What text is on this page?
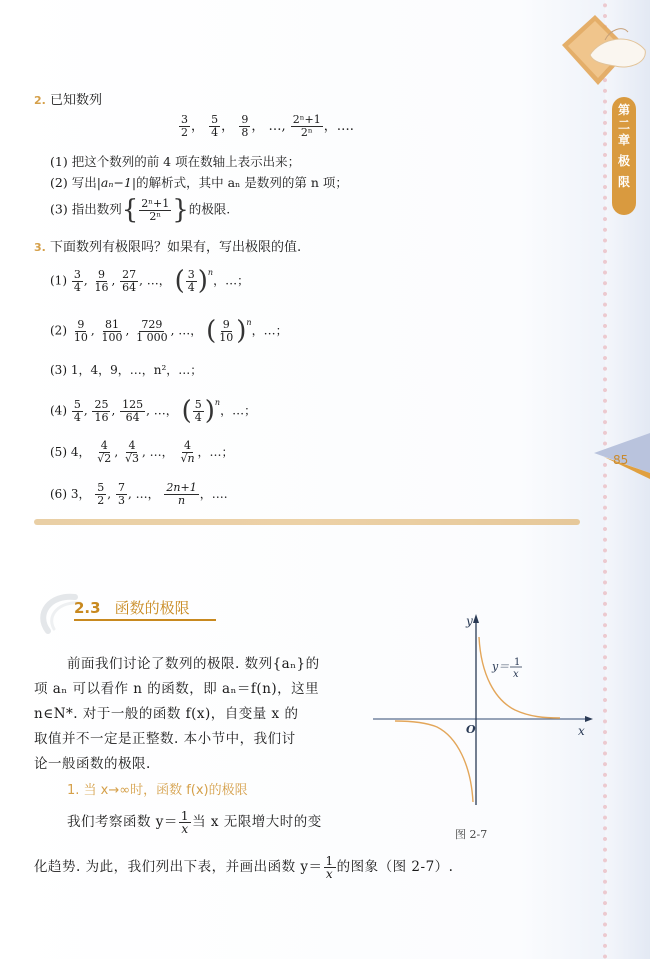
第
二
章
极
限
85
2. 已知数列
$\frac{3}{2}$ ， $\frac{5}{4}$ ， $\frac{9}{8}$ ， …, $\frac{\text{2ⁿ+1}}{\text{2ⁿ}}$ ，….
(1) 把这个数列的前 4 项在数轴上表示出来；
(2) 写出|aₙ−1|的解析式，其中 aₙ 是数列的第 n 项；
(3) 指出数列{ $\frac{\text{2ⁿ+1}}{\text{2ⁿ}}$ }的极限.
3. 下面数列有极限吗？如果有，写出极限的值.
$(1) \frac{3}{4}$ , $\frac{9}{16}$ , $\frac{27}{64}$ , …， ( $\frac{3}{4} )^n$，…；
$(2) \frac{9}{10}$ , $\frac{81}{100}$ , $\frac{729}{1 000}$ , …， ( $\frac{9}{10} )^n$，…；
(3) 1，4，9，…，n²，…；
$(4) \frac{5}{4}$ , $\frac{25}{16}$ , $\frac{125}{64}$ , …， ( $\frac{5}{4} )^n$，…；
(5) 4， $\frac{4}{√2}$ , $\frac{4}{√3}$ , …， $\frac{4}{√n}$ ，…；
(6) 3， $\frac{5}{2}$ , $\frac{7}{3}$ , …， $\frac{2n+1}{n}$ ，….
2.3 函数的极限
前面我们讨论了数列的极限. 数列{aₙ}的
项 aₙ 可以看作 n 的函数，即 aₙ＝f(n)，这里
n∈N*. 对于一般的函数 f(x)，自变量 x 的
取值并不一定是正整数. 本小节中，我们讨
论一般函数的极限.
1. 当 x→∞时，函数 f(x)的极限
我们考察函数 $y= \frac{1}{x}$ 当 x 无限增大时的变
化趋势. 为此，我们列出下表，并画出函数 $y= \frac{1}{x}$ 的图象（图 2-7）.
y
x
O
y＝ 1
x
图 2-7
